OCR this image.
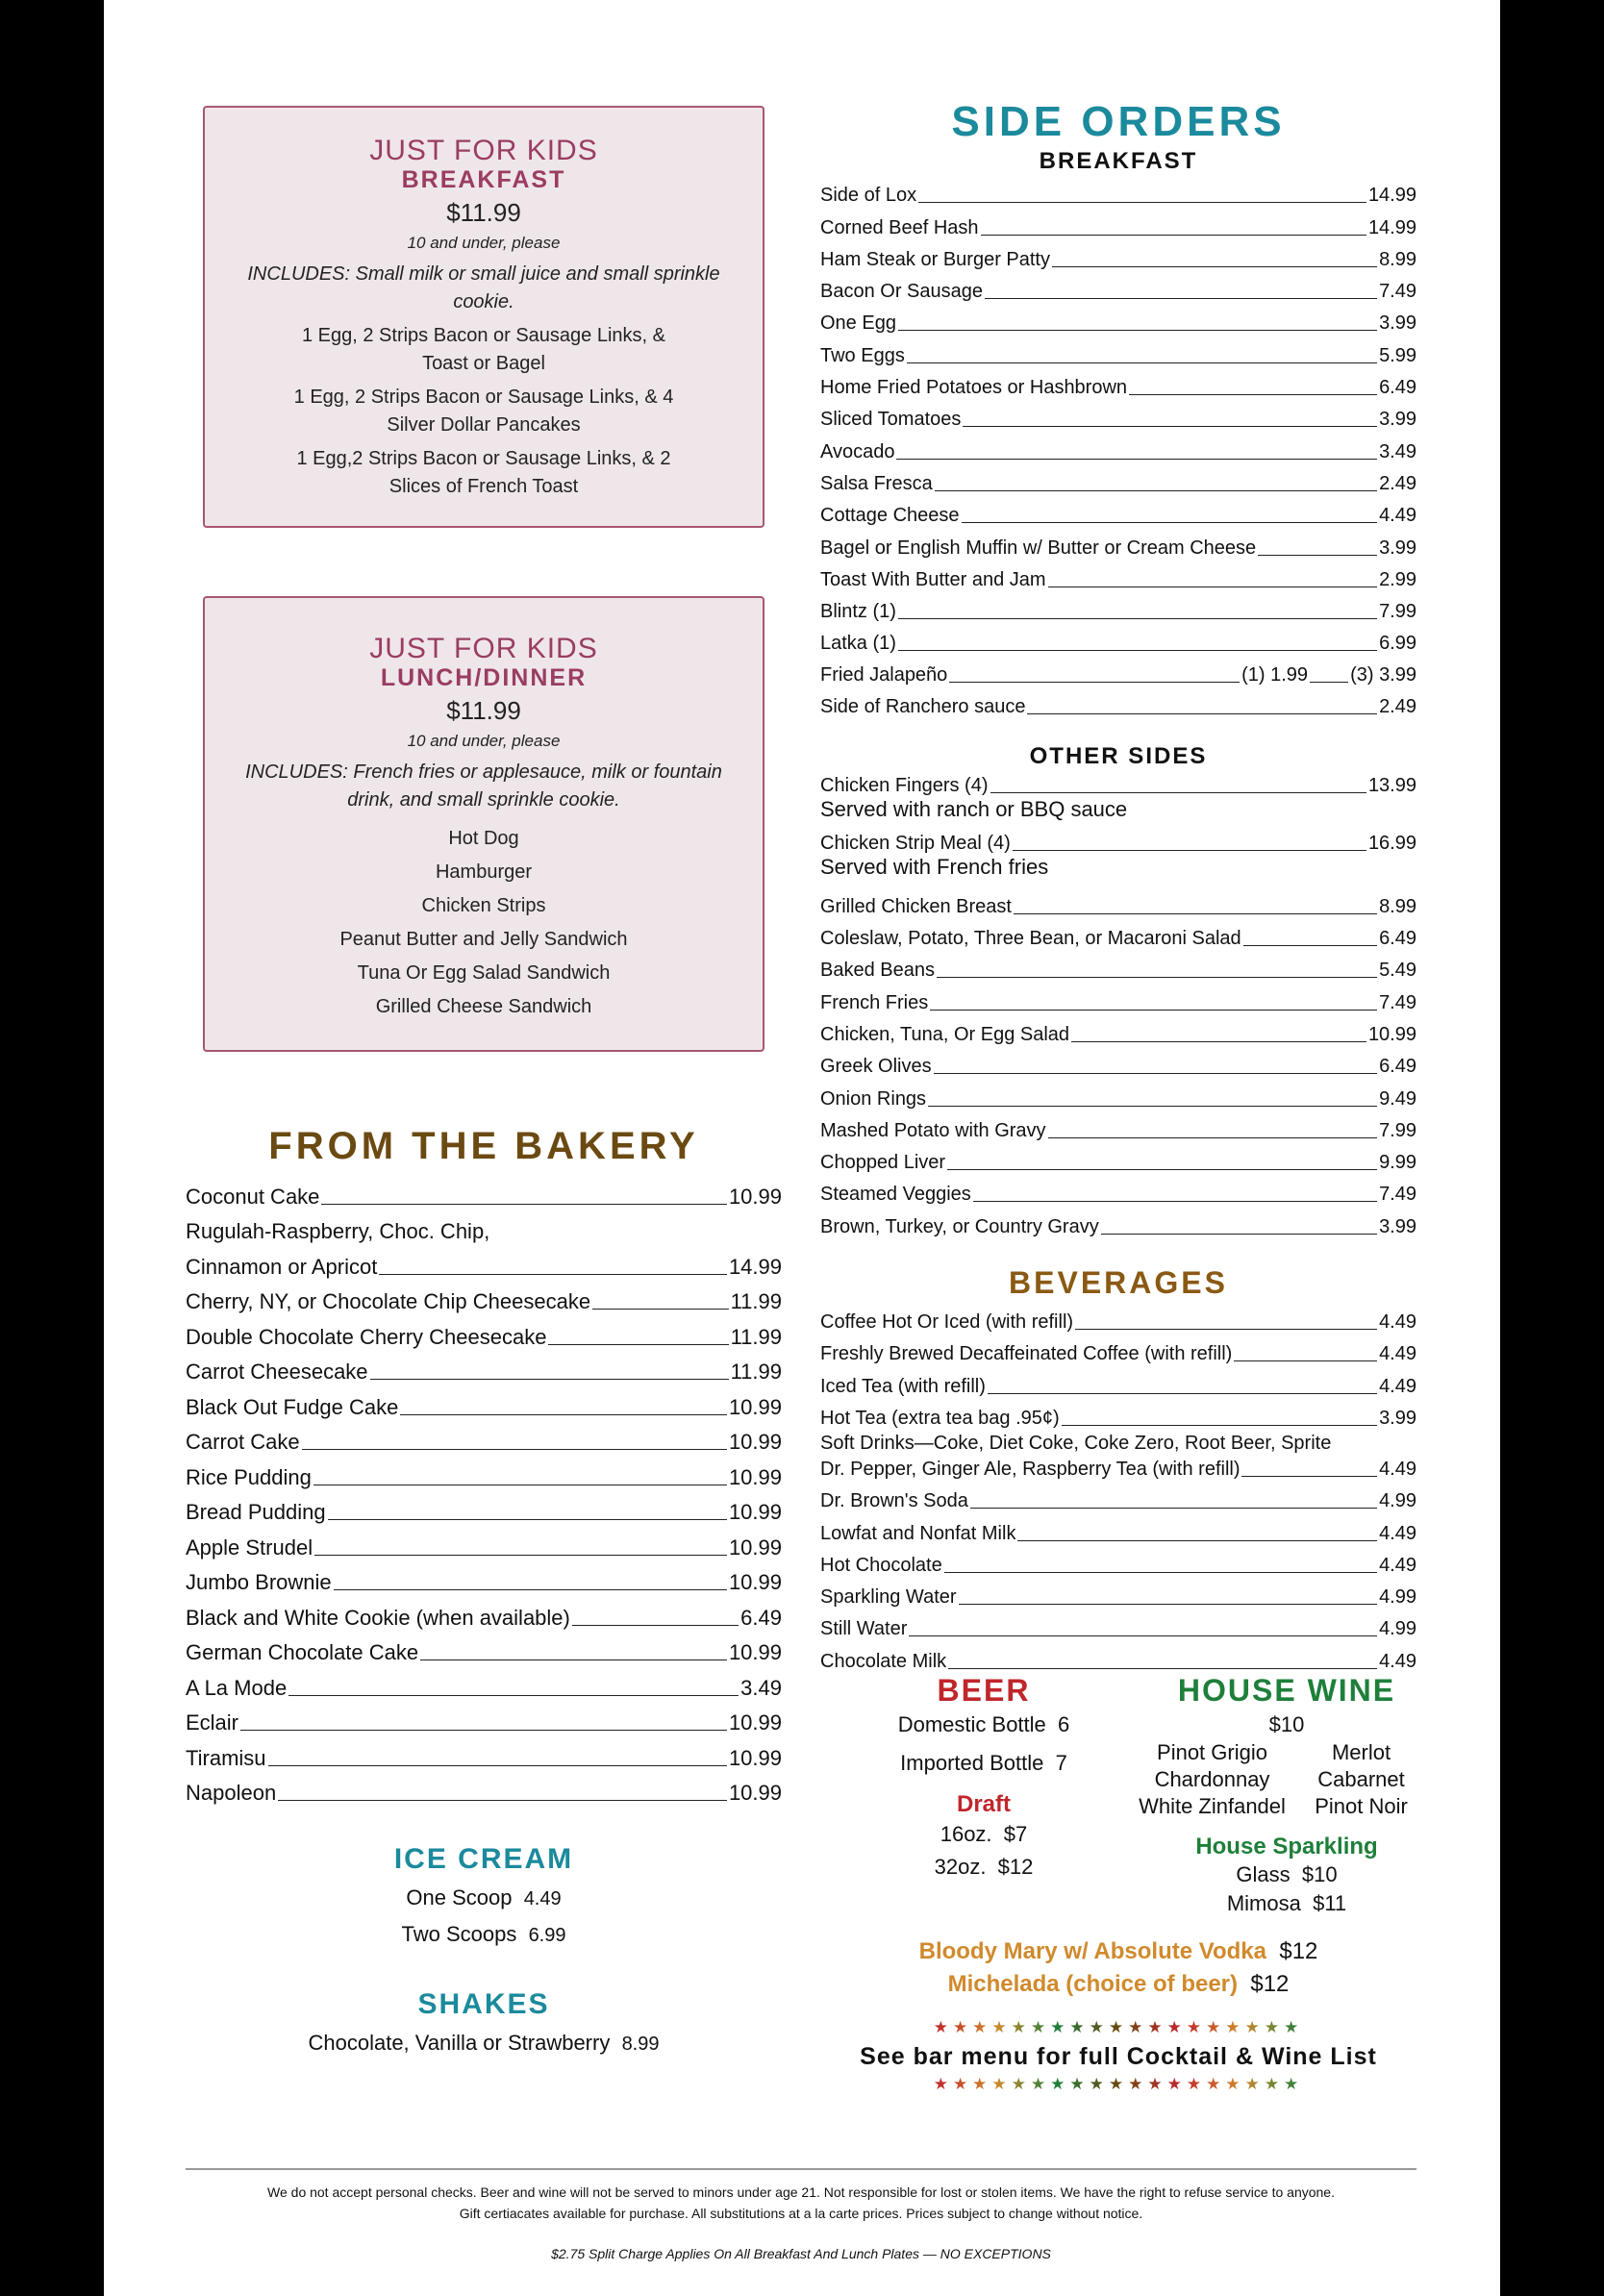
JUST FOR KIDS
BREAKFAST
$11.99
10 and under, please
INCLUDES: Small milk or small juice and small sprinkle cookie.
1 Egg, 2 Strips Bacon or Sausage Links, & Toast or Bagel
1 Egg, 2 Strips Bacon or Sausage Links, & 4 Silver Dollar Pancakes
1 Egg,2 Strips Bacon or Sausage Links, & 2 Slices of French Toast
JUST FOR KIDS
LUNCH/DINNER
$11.99
10 and under, please
INCLUDES: French fries or applesauce, milk or fountain drink, and small sprinkle cookie.
Hot Dog
Hamburger
Chicken Strips
Peanut Butter and Jelly Sandwich
Tuna Or Egg Salad Sandwich
Grilled Cheese Sandwich
FROM THE BAKERY
Coconut Cake	10.99
Rugulah-Raspberry, Choc. Chip,
Cinnamon or Apricot	14.99
Cherry, NY, or Chocolate Chip Cheesecake	11.99
Double Chocolate Cherry Cheesecake	11.99
Carrot Cheesecake	11.99
Black Out Fudge Cake	10.99
Carrot Cake	10.99
Rice Pudding	10.99
Bread Pudding	10.99
Apple Strudel	10.99
Jumbo Brownie	10.99
Black and White Cookie (when available)	6.49
German Chocolate Cake	10.99
A La Mode	3.49
Eclair	10.99
Tiramisu	10.99
Napoleon	10.99
ICE CREAM
One Scoop 4.49
Two Scoops 6.99
SHAKES
Chocolate, Vanilla or Strawberry 8.99
SIDE ORDERS
BREAKFAST
Side of Lox	14.99
Corned Beef Hash	14.99
Ham Steak or Burger Patty	8.99
Bacon Or Sausage	7.49
One Egg	3.99
Two Eggs	5.99
Home Fried Potatoes or Hashbrown	6.49
Sliced Tomatoes	3.99
Avocado	3.49
Salsa Fresca	2.49
Cottage Cheese	4.49
Bagel or English Muffin w/ Butter or Cream Cheese	3.99
Toast With Butter and Jam	2.99
Blintz (1)	7.99
Latka (1)	6.99
Fried Jalapeño	(1) 1.99 (3) 3.99
Side of Ranchero sauce	2.49
OTHER SIDES
Chicken Fingers (4)	13.99
Served with ranch or BBQ sauce
Chicken Strip Meal (4)	16.99
Served with French fries
Grilled Chicken Breast	8.99
Coleslaw, Potato, Three Bean, or Macaroni Salad	6.49
Baked Beans	5.49
French Fries	7.49
Chicken, Tuna, Or Egg Salad	10.99
Greek Olives	6.49
Onion Rings	9.49
Mashed Potato with Gravy	7.99
Chopped Liver	9.99
Steamed Veggies	7.49
Brown, Turkey, or Country Gravy	3.99
BEVERAGES
Coffee Hot Or Iced (with refill)	4.49
Freshly Brewed Decaffeinated Coffee (with refill)	4.49
Iced Tea (with refill)	4.49
Hot Tea (extra tea bag .95¢)	3.99
Soft Drinks—Coke, Diet Coke, Coke Zero, Root Beer, Sprite
Dr. Pepper, Ginger Ale, Raspberry Tea (with refill)	4.49
Dr. Brown's Soda	4.99
Lowfat and Nonfat Milk	4.49
Hot Chocolate	4.49
Sparkling Water	4.99
Still Water	4.99
Chocolate Milk	4.49
BEER
Domestic Bottle 6
Imported Bottle 7
Draft
16oz. $7
32oz. $12
HOUSE WINE
$10
Pinot Grigio	Merlot
Chardonnay	Cabarnet
White Zinfandel	Pinot Noir
House Sparkling
Glass $10
Mimosa $11
Bloody Mary w/ Absolute Vodka $12
Michelada (choice of beer) $12
★★★★★★★★★★★★★★★★★★★
See bar menu for full Cocktail & Wine List
★★★★★★★★★★★★★★★★★★★
We do not accept personal checks. Beer and wine will not be served to minors under age 21. Not responsible for lost or stolen items. We have the right to refuse service to anyone.
Gift certiacates available for purchase. All substitutions at a la carte prices. Prices subject to change without notice.
$2.75 Split Charge Applies On All Breakfast And Lunch Plates — NO EXCEPTIONS
